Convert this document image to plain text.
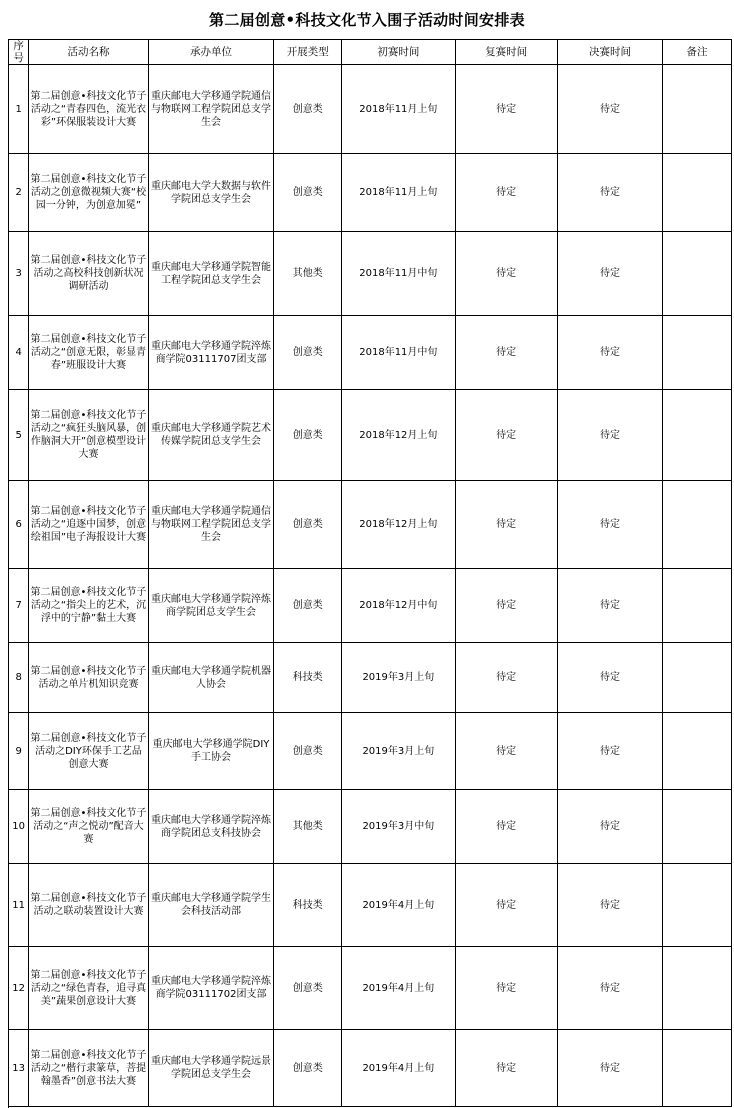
第二届创意•科技文化节入围子活动时间安排表
序号	活动名称	承办单位	开展类型	初赛时间	复赛时间	决赛时间	备注
1	第二届创意•科技文化节子活动之“青春四色，流光衣彩”环保服装设计大赛	重庆邮电大学移通学院通信与物联网工程学院团总支学生会	创意类	2018年11月上旬	待定	待定	
2	第二届创意•科技文化节子活动之创意微视频大赛“校园一分钟，为创意加冕”	重庆邮电大学大数据与软件学院团总支学生会	创意类	2018年11月上旬	待定	待定	
3	第二届创意•科技文化节子活动之高校科技创新状况调研活动	重庆邮电大学移通学院智能工程学院团总支学生会	其他类	2018年11月中旬	待定	待定	
4	第二届创意•科技文化节子活动之“创意无限，彰显青春”班服设计大赛	重庆邮电大学移通学院淬炼商学院03111707团支部	创意类	2018年11月中旬	待定	待定	
5	第二届创意•科技文化节子活动之“疯狂头脑风暴，创作脑洞大开”创意模型设计大赛	重庆邮电大学移通学院艺术传媒学院团总支学生会	创意类	2018年12月上旬	待定	待定	
6	第二届创意•科技文化节子活动之“追逐中国梦，创意绘祖国”电子海报设计大赛	重庆邮电大学移通学院通信与物联网工程学院团总支学生会	创意类	2018年12月上旬	待定	待定	
7	第二届创意•科技文化节子活动之“指尖上的艺术，沉浮中的宁静”黏土大赛	重庆邮电大学移通学院淬炼商学院团总支学生会	创意类	2018年12月中旬	待定	待定	
8	第二届创意•科技文化节子活动之单片机知识竞赛	重庆邮电大学移通学院机器人协会	科技类	2019年3月上旬	待定	待定	
9	第二届创意•科技文化节子活动之DIY环保手工艺品创意大赛	重庆邮电大学移通学院DIY手工协会	创意类	2019年3月上旬	待定	待定	
10	第二届创意•科技文化节子活动之“声之悦动”配音大赛	重庆邮电大学移通学院淬炼商学院团总支科技协会	其他类	2019年3月中旬	待定	待定	
11	第二届创意•科技文化节子活动之联动装置设计大赛	重庆邮电大学移通学院学生会科技活动部	科技类	2019年4月上旬	待定	待定	
12	第二届创意•科技文化节子活动之“绿色青春，追寻真美”蔬果创意设计大赛	重庆邮电大学移通学院淬炼商学院03111702团支部	创意类	2019年4月上旬	待定	待定	
13	第二届创意•科技文化节子活动之“楷行隶篆草，菩提翰墨香”创意书法大赛	重庆邮电大学移通学院远景学院团总支学生会	创意类	2019年4月上旬	待定	待定	
